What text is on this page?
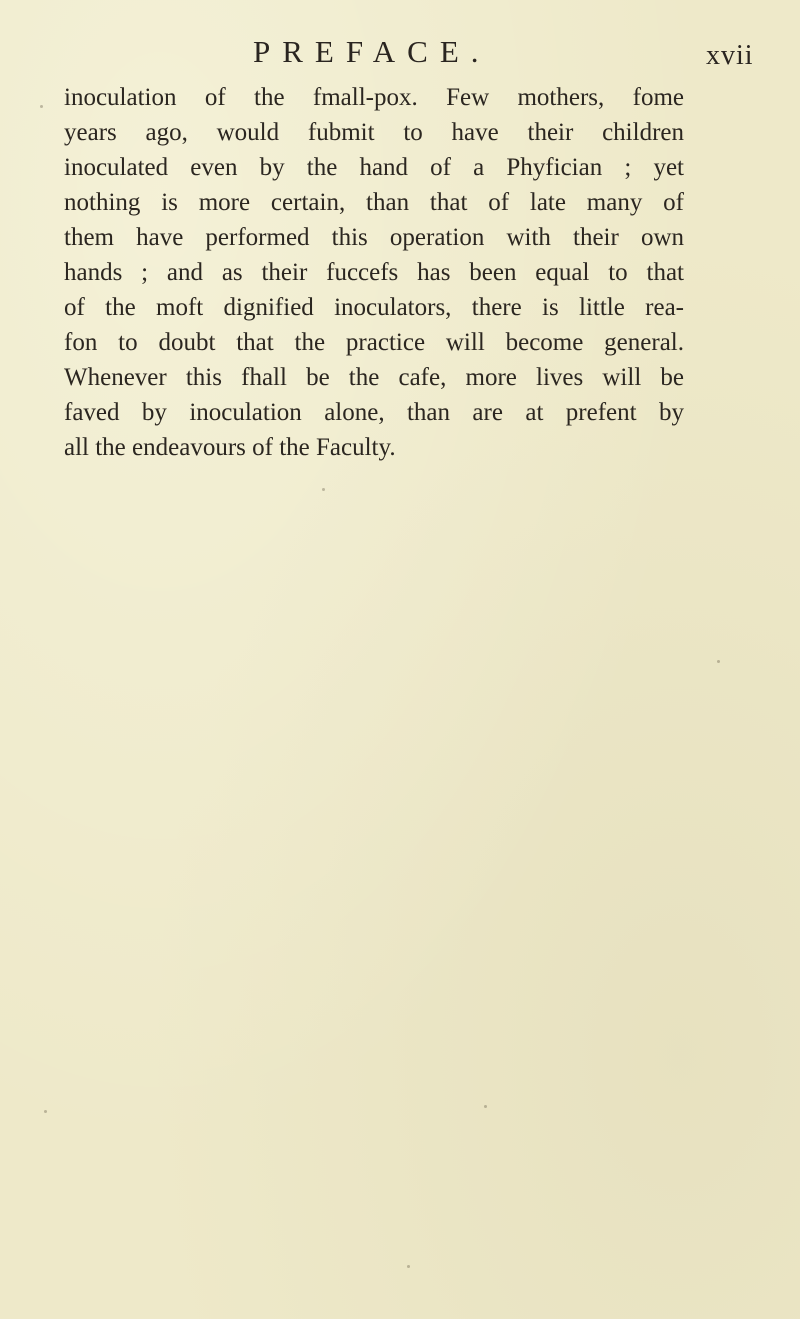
PREFACE.	xvii
inoculation of the fmall-pox. Few mothers, fome
years ago, would fubmit to have their children
inoculated even by the hand of a Phyfician ; yet
nothing is more certain, than that of late many of
them have performed this operation with their own
hands ; and as their fuccefs has been equal to that
of the moft dignified inoculators, there is little rea-
fon to doubt that the practice will become general.
Whenever this fhall be the cafe, more lives will be
faved by inoculation alone, than are at prefent by
all the endeavours of the Faculty.
